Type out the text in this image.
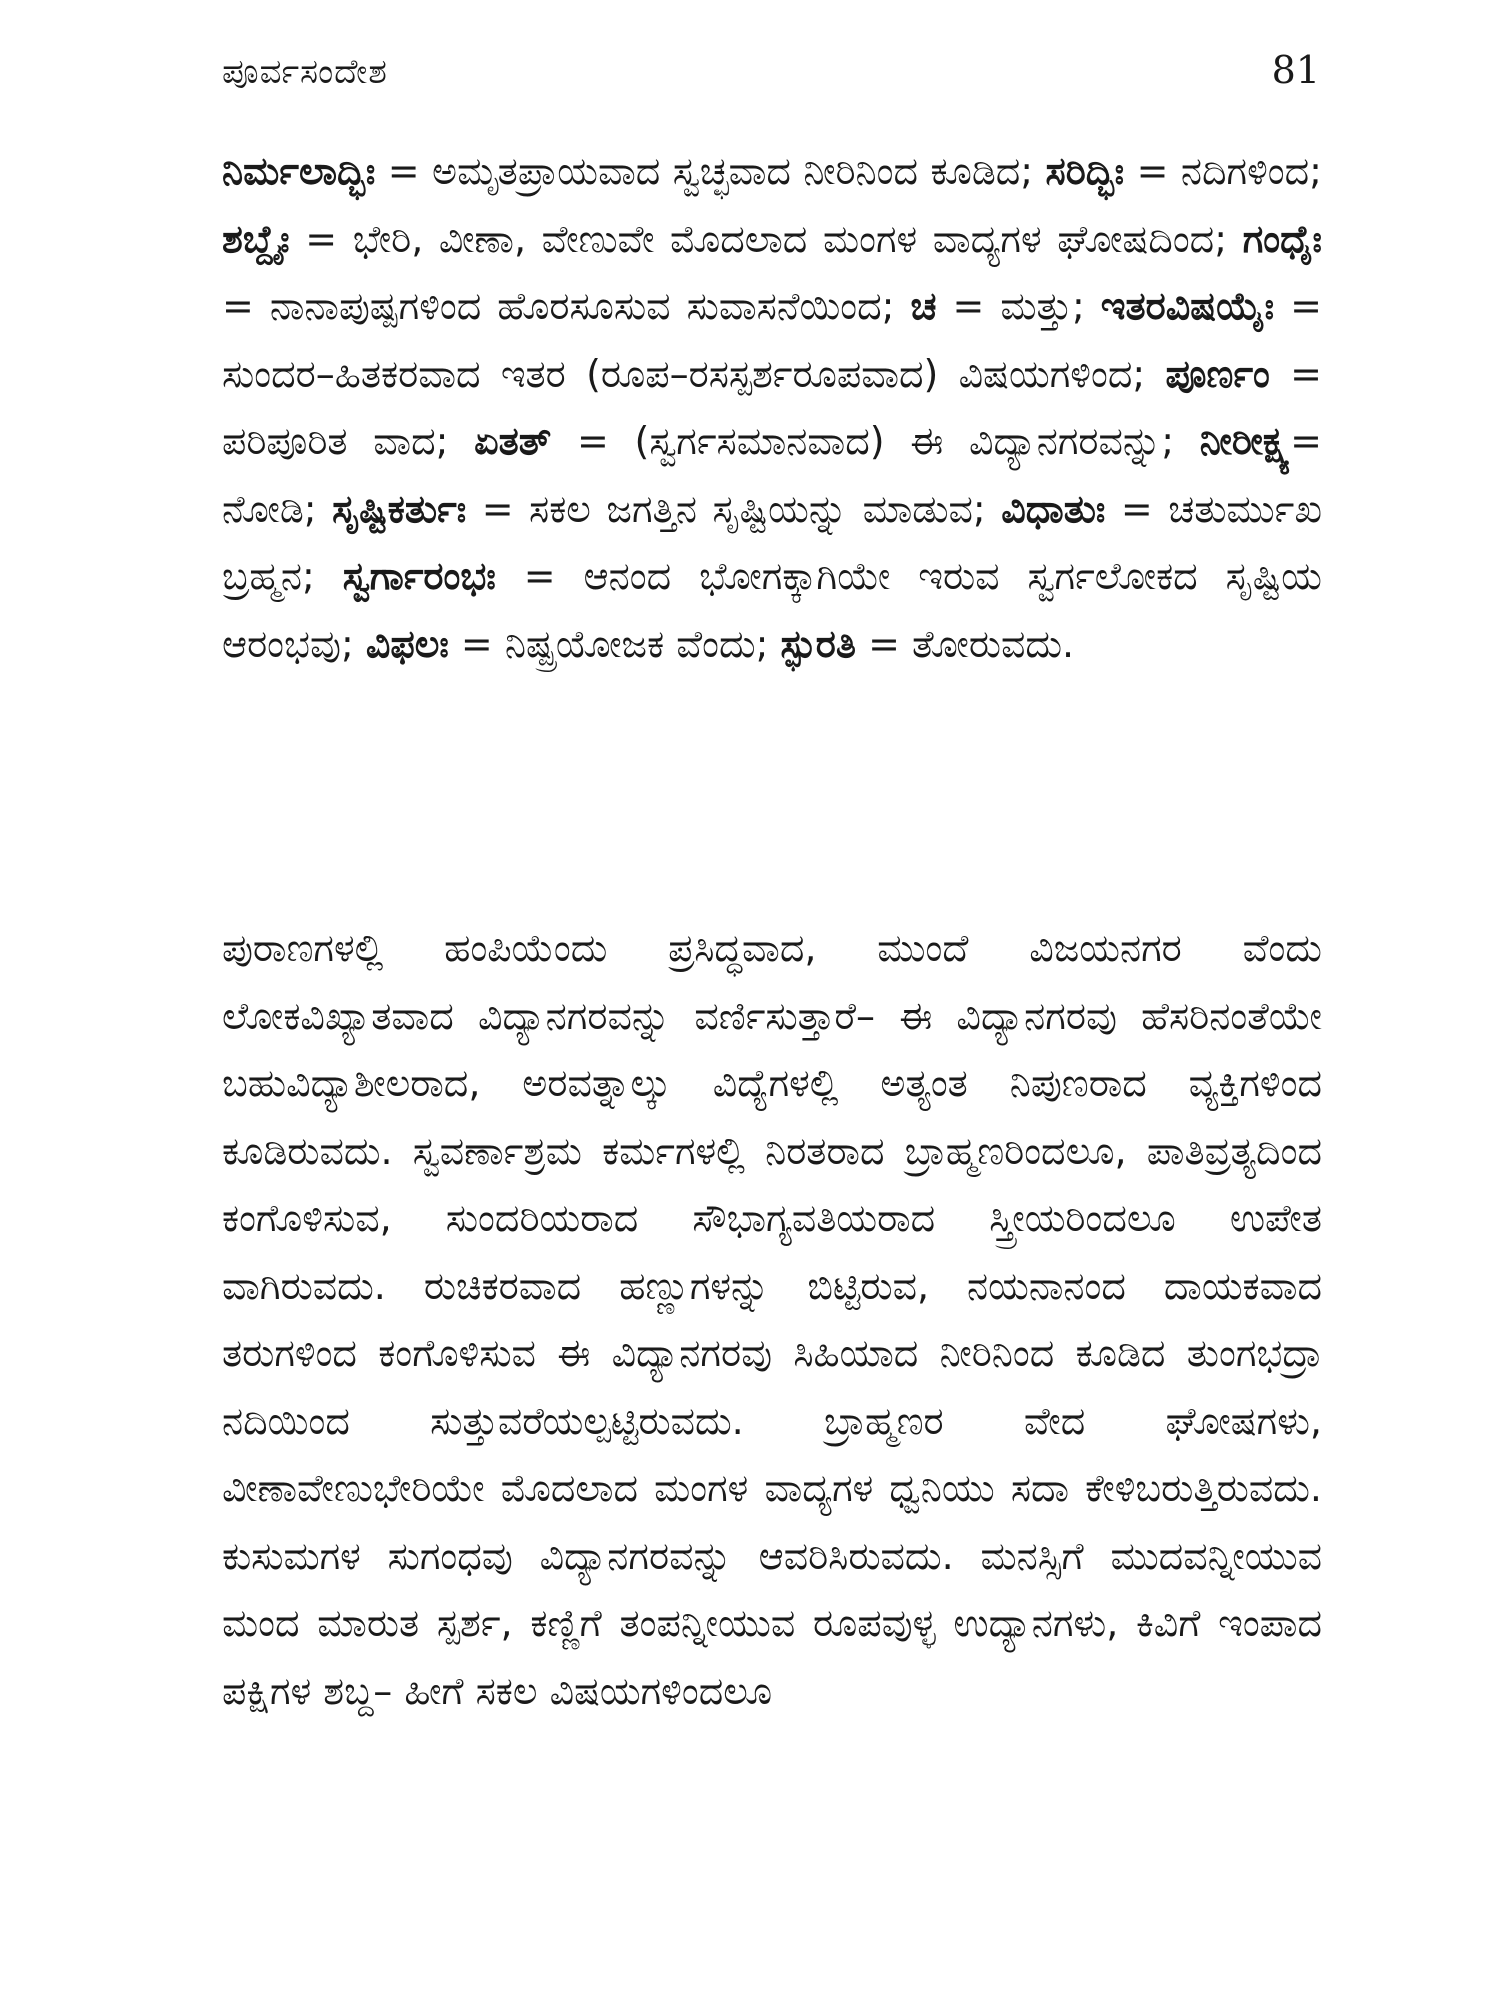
ಪೂರ್ವಸಂದೇಶ	81
ನಿರ್ಮಲಾದ್ಭಿಃ = ಅಮೃತಪ್ರಾಯವಾದ ಸ್ವಚ್ಛವಾದ ನೀರಿನಿಂದ ಕೂಡಿದ; ಸರಿದ್ಭಿಃ = ನದಿಗಳಿಂದ; ಶಬ್ದೈಃ = ಭೇರಿ, ವೀಣಾ, ವೇಣುವೇ ಮೊದಲಾದ ಮಂಗಳ ವಾದ್ಯಗಳ ಘೋಷದಿಂದ; ಗಂಧೈಃ = ನಾನಾಪುಷ್ಪಗಳಿಂದ ಹೊರಸೂಸುವ ಸುವಾಸನೆಯಿಂದ; ಚ = ಮತ್ತು; ಇತರವಿಷಯೈಃ = ಸುಂದರ–ಹಿತಕರವಾದ ಇತರ (ರೂಪ–ರಸಸ್ಪರ್ಶರೂಪವಾದ) ವಿಷಯಗಳಿಂದ; ಪೂರ್ಣಂ = ಪರಿಪೂರಿತ ವಾದ; ಏತತ್ = (ಸ್ವರ್ಗಸಮಾನವಾದ) ಈ ವಿದ್ಯಾನಗರವನ್ನು; ನೀರೀಕ್ಷ್ಯ= ನೋಡಿ; ಸೃಷ್ಟಿಕರ್ತುಃ = ಸಕಲ ಜಗತ್ತಿನ ಸೃಷ್ಟಿಯನ್ನು ಮಾಡುವ; ವಿಧಾತುಃ = ಚತುರ್ಮುಖ ಬ್ರಹ್ಮನ; ಸ್ವರ್ಗಾರಂಭಃ = ಆನಂದ ಭೋಗಕ್ಕಾಗಿಯೇ ಇರುವ ಸ್ವರ್ಗಲೋಕದ ಸೃಷ್ಟಿಯ ಆರಂಭವು; ವಿಫಲಃ = ನಿಷ್ಪ್ರಯೋಜಕ ವೆಂದು; ಸ್ಫುರತಿ = ತೋರುವದು.
ಪುರಾಣಗಳಲ್ಲಿ ಹಂಪಿಯೆಂದು ಪ್ರಸಿದ್ಧವಾದ, ಮುಂದೆ ವಿಜಯನಗರ ವೆಂದು ಲೋಕವಿಖ್ಯಾತವಾದ ವಿದ್ಯಾನಗರವನ್ನು ವರ್ಣಿಸುತ್ತಾರೆ– ಈ ವಿದ್ಯಾನಗರವು ಹೆಸರಿನಂತೆಯೇ ಬಹುವಿದ್ಯಾಶೀಲರಾದ, ಅರವತ್ನಾಲ್ಕು ವಿದ್ಯೆಗಳಲ್ಲಿ ಅತ್ಯಂತ ನಿಪುಣರಾದ ವ್ಯಕ್ತಿಗಳಿಂದ ಕೂಡಿರುವದು. ಸ್ವವರ್ಣಾಶ್ರಮ ಕರ್ಮಗಳಲ್ಲಿ ನಿರತರಾದ ಬ್ರಾಹ್ಮಣರಿಂದಲೂ, ಪಾತಿವ್ರತ್ಯದಿಂದ ಕಂಗೊಳಿಸುವ, ಸುಂದರಿಯರಾದ ಸೌಭಾಗ್ಯವತಿಯರಾದ ಸ್ತ್ರೀಯರಿಂದಲೂ ಉಪೇತ ವಾಗಿರುವದು. ರುಚಿಕರವಾದ ಹಣ್ಣುಗಳನ್ನು ಬಿಟ್ಟಿರುವ, ನಯನಾನಂದ ದಾಯಕವಾದ ತರುಗಳಿಂದ ಕಂಗೊಳಿಸುವ ಈ ವಿದ್ಯಾನಗರವು ಸಿಹಿಯಾದ ನೀರಿನಿಂದ ಕೂಡಿದ ತುಂಗಭದ್ರಾ ನದಿಯಿಂದ ಸುತ್ತುವರೆಯಲ್ಪಟ್ಟಿರುವದು. ಬ್ರಾಹ್ಮಣರ ವೇದ ಘೋಷಗಳು, ವೀಣಾವೇಣುಭೇರಿಯೇ ಮೊದಲಾದ ಮಂಗಳ ವಾದ್ಯಗಳ ಧ್ವನಿಯು ಸದಾ ಕೇಳಿಬರುತ್ತಿರುವದು. ಕುಸುಮಗಳ ಸುಗಂಧವು ವಿದ್ಯಾನಗರವನ್ನು ಆವರಿಸಿರುವದು. ಮನಸ್ಸಿಗೆ ಮುದವನ್ನೀಯುವ ಮಂದ ಮಾರುತ ಸ್ಪರ್ಶ, ಕಣ್ಣಿಗೆ ತಂಪನ್ನೀಯುವ ರೂಪವುಳ್ಳ ಉದ್ಯಾನಗಳು, ಕಿವಿಗೆ ಇಂಪಾದ ಪಕ್ಷಿಗಳ ಶಬ್ದ– ಹೀಗೆ ಸಕಲ ವಿಷಯಗಳಿಂದಲೂ
